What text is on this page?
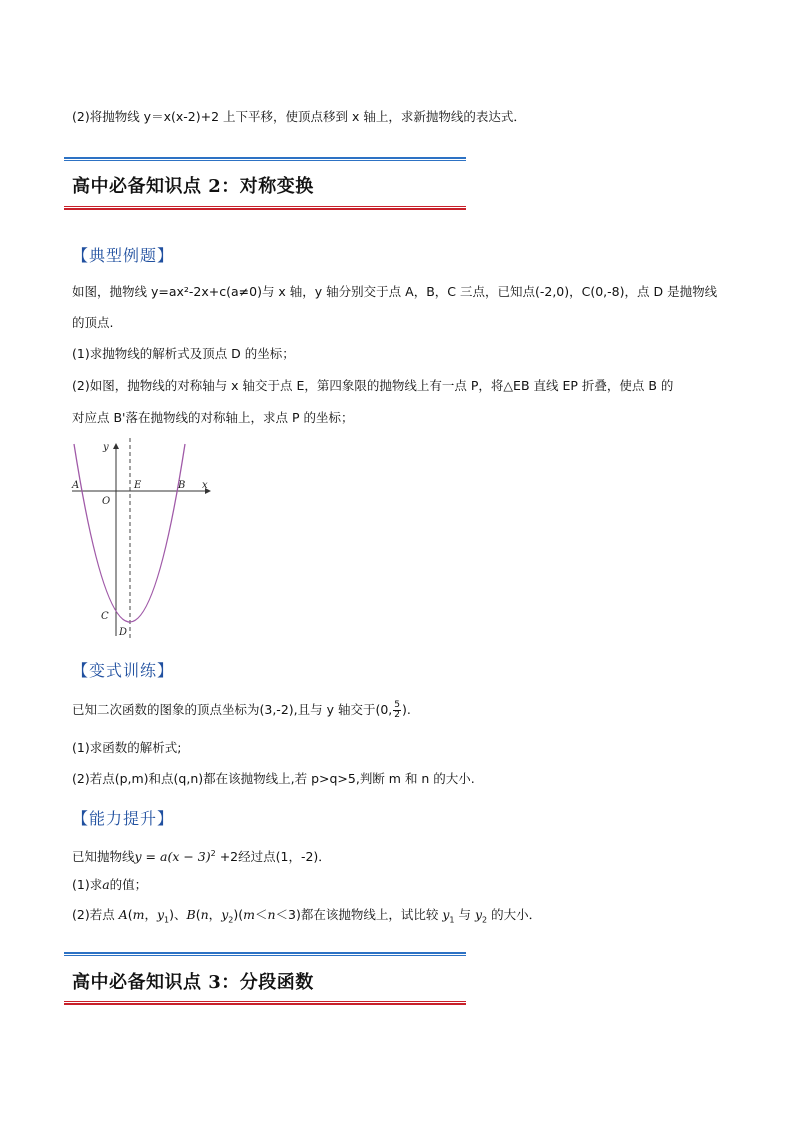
(2)将抛物线 y＝x(x-2)+2 上下平移，使顶点移到 x 轴上，求新抛物线的表达式．
高中必备知识点 2：对称变换
【典型例题】
如图，抛物线 y=ax²-2x+c(a≠0)与 x 轴，y 轴分别交于点 A，B，C 三点，已知点(-2,0)，C(0,-8)，点 D 是抛物线
的顶点.
(1)求抛物线的解析式及顶点 D 的坐标；
(2)如图，抛物线的对称轴与 x 轴交于点 E，第四象限的抛物线上有一点 P，将△EB 直线 EP 折叠，使点 B 的
对应点 B'落在抛物线的对称轴上，求点 P 的坐标；
y
x
A
O
E	B
C
D
【变式训练】
已知二次函数的图象的顶点坐标为(3,-2),且与 y 轴交于(0, $\frac{5}{2}$ ).
(1)求函数的解析式;
(2)若点(p,m)和点(q,n)都在该抛物线上,若 p>q>5,判断 m 和 n 的大小.
【能力提升】
已知抛物线$y = a(x - 3)^2 +2$经过点(1，-2)．
(1)求a的值；
(2)若点 A(m，$y_1$)、B(n，$y_2)(m<n<3)$都在该抛物线上，试比较 $y_1$ 与 $y_2$ 的大小．
高中必备知识点 3：分段函数
